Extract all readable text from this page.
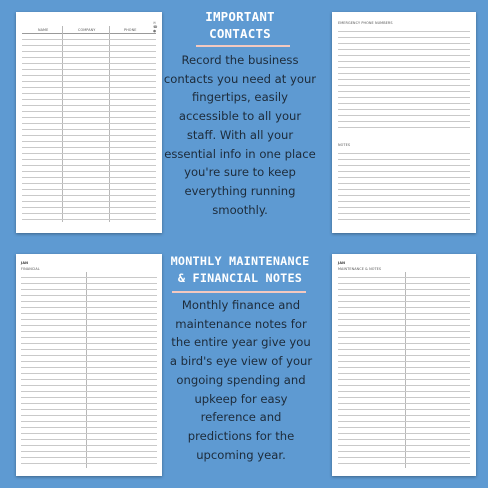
NAME	COMPANY	PHONE
✉
☎
●
EMERGENCY PHONE NUMBERS
NOTES
JAN
FINANCIAL
JAN
MAINTENANCE & NOTES
IMPORTANT
CONTACTS
Record the business contacts you need at your fingertips, easily accessible to all your staff. With all your essential info in one place you're sure to keep everything running smoothly.
MONTHLY MAINTENANCE
& FINANCIAL NOTES
Monthly finance and maintenance notes for the entire year give you a bird's eye view of your ongoing spending and upkeep for easy reference and predictions for the upcoming year.
